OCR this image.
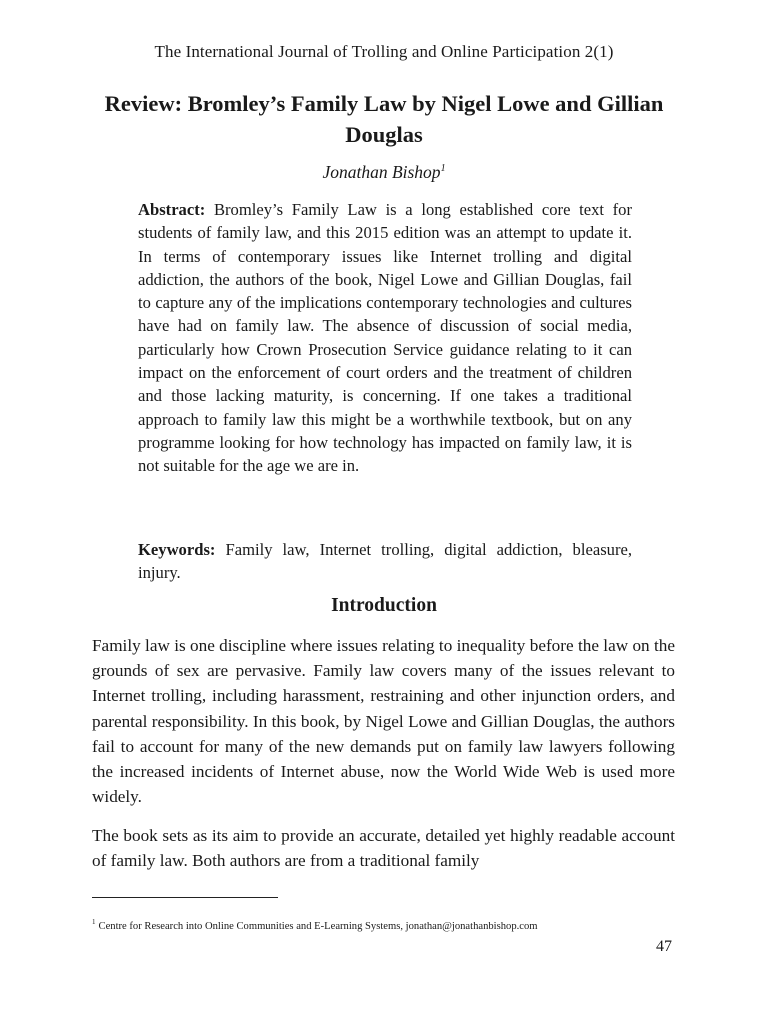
The International Journal of Trolling and Online Participation 2(1)
Review: Bromley’s Family Law by Nigel Lowe and Gillian Douglas
Jonathan Bishop$^1$
Abstract: Bromley’s Family Law is a long established core text for students of family law, and this 2015 edition was an attempt to update it. In terms of contemporary issues like Internet trolling and digital addiction, the authors of the book, Nigel Lowe and Gillian Douglas, fail to capture any of the implications contemporary technologies and cultures have had on family law. The absence of discussion of social media, particularly how Crown Prosecution Service guidance relating to it can impact on the enforcement of court orders and the treatment of children and those lacking maturity, is concerning. If one takes a traditional approach to family law this might be a worthwhile textbook, but on any programme looking for how technology has impacted on family law, it is not suitable for the age we are in.
Keywords: Family law, Internet trolling, digital addiction, bleasure, injury.
Introduction
Family law is one discipline where issues relating to inequality before the law on the grounds of sex are pervasive. Family law covers many of the issues relevant to Internet trolling, including harassment, restraining and other injunction orders, and parental responsibility. In this book, by Nigel Lowe and Gillian Douglas, the authors fail to account for many of the new demands put on family law lawyers following the increased incidents of Internet abuse, now the World Wide Web is used more widely.
The book sets as its aim to provide an accurate, detailed yet highly readable account of family law. Both authors are from a traditional family
$^1$ Centre for Research into Online Communities and E-Learning Systems, jonathan@jonathanbishop.com
47
